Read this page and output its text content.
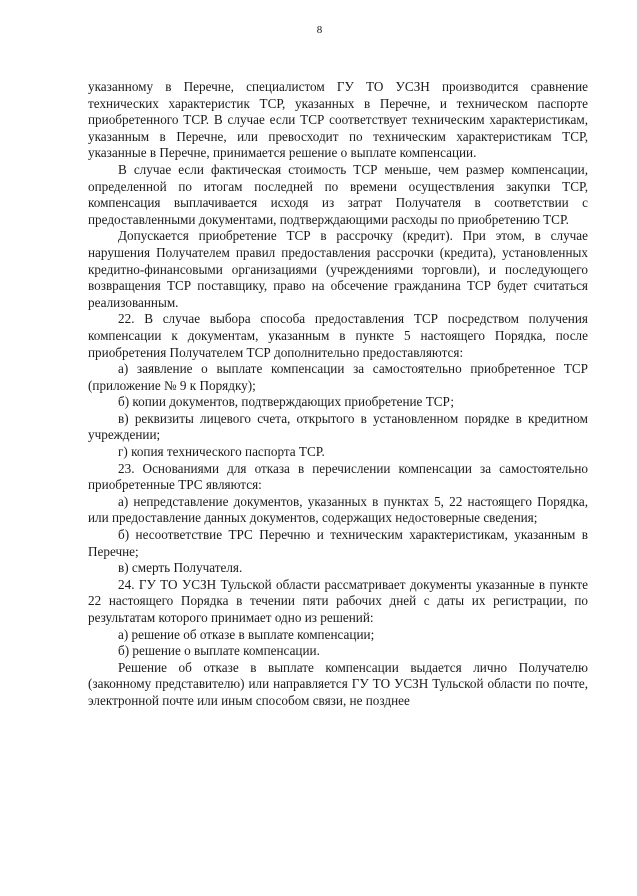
8

указанному в Перечне, специалистом ГУ ТО УСЗН производится сравнение технических характеристик ТСР, указанных в Перечне, и техническом паспорте приобретенного ТСР. В случае если ТСР соответствует техническим характеристикам, указанным в Перечне, или превосходит по техническим характеристикам ТСР, указанные в Перечне, принимается решение о выплате компенсации.

В случае если фактическая стоимость ТСР меньше, чем размер компенсации, определенной по итогам последней по времени осуществления закупки ТСР, компенсация выплачивается исходя из затрат Получателя в соответствии с предоставленными документами, подтверждающими расходы по приобретению ТСР.

Допускается приобретение ТСР в рассрочку (кредит). При этом, в случае нарушения Получателем правил предоставления рассрочки (кредита), установленных кредитно-финансовыми организациями (учреждениями торговли), и последующего возвращения ТСР поставщику, право на обсечение гражданина ТСР будет считаться реализованным.

22. В случае выбора способа предоставления ТСР посредством получения компенсации к документам, указанным в пункте 5 настоящего Порядка, после приобретения Получателем ТСР дополнительно предоставляются:

а) заявление о выплате компенсации за самостоятельно приобретенное ТСР (приложение № 9 к Порядку);

б) копии документов, подтверждающих приобретение ТСР;

в) реквизиты лицевого счета, открытого в установленном порядке в кредитном учреждении;

г) копия технического паспорта ТСР.

23. Основаниями для отказа в перечислении компенсации за самостоятельно приобретенные ТРС являются:

а) непредставление документов, указанных в пунктах 5, 22 настоящего Порядка, или предоставление данных документов, содержащих недостоверные сведения;

б) несоответствие ТРС Перечню и техническим характеристикам, указанным в Перечне;

в) смерть Получателя.

24. ГУ ТО УСЗН Тульской области рассматривает документы указанные в пункте 22 настоящего Порядка в течении пяти рабочих дней с даты их регистрации, по результатам которого принимает одно из решений:

а) решение об отказе в выплате компенсации;

б) решение о выплате компенсации.

Решение об отказе в выплате компенсации выдается лично Получателю (законному представителю) или направляется ГУ ТО УСЗН Тульской области по почте, электронной почте или иным способом связи, не позднее
